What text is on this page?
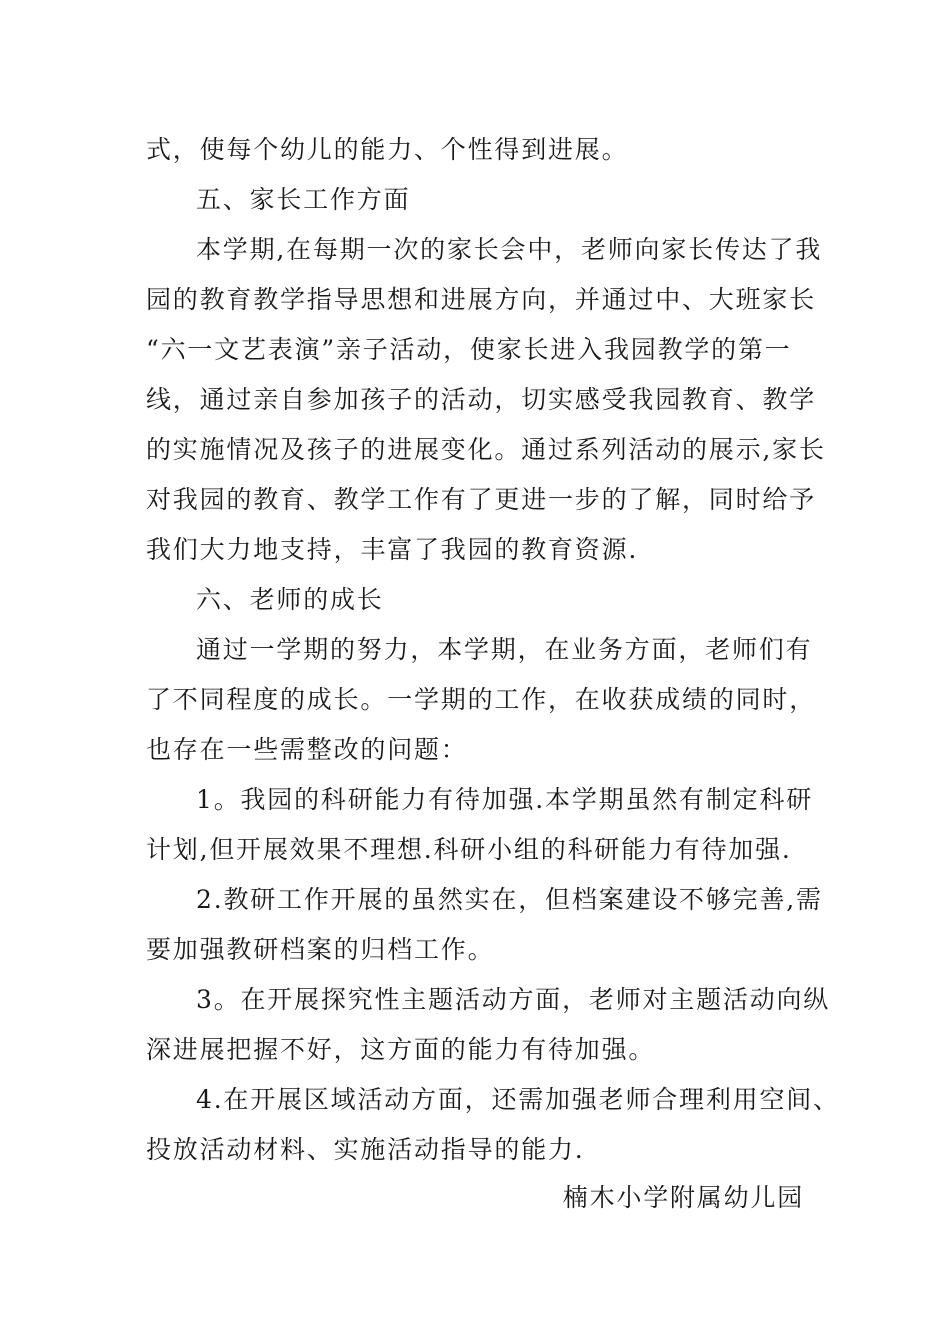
式，使每个幼儿的能力、个性得到进展。
五、家长工作方面
本学期,在每期一次的家长会中，老师向家长传达了我
园的教育教学指导思想和进展方向，并通过中、大班家长
“六一文艺表演”亲子活动，使家长进入我园教学的第一
线，通过亲自参加孩子的活动，切实感受我园教育、教学
的实施情况及孩子的进展变化。通过系列活动的展示,家长
对我园的教育、教学工作有了更进一步的了解，同时给予
我们大力地支持，丰富了我园的教育资源.
六、老师的成长
通过一学期的努力，本学期，在业务方面，老师们有
了不同程度的成长。一学期的工作，在收获成绩的同时，
也存在一些需整改的问题：
1。我园的科研能力有待加强.本学期虽然有制定科研
计划,但开展效果不理想.科研小组的科研能力有待加强.
2.教研工作开展的虽然实在，但档案建设不够完善,需
要加强教研档案的归档工作。
3。在开展探究性主题活动方面，老师对主题活动向纵
深进展把握不好，这方面的能力有待加强。
4.在开展区域活动方面，还需加强老师合理利用空间、
投放活动材料、实施活动指导的能力.
楠木小学附属幼儿园
